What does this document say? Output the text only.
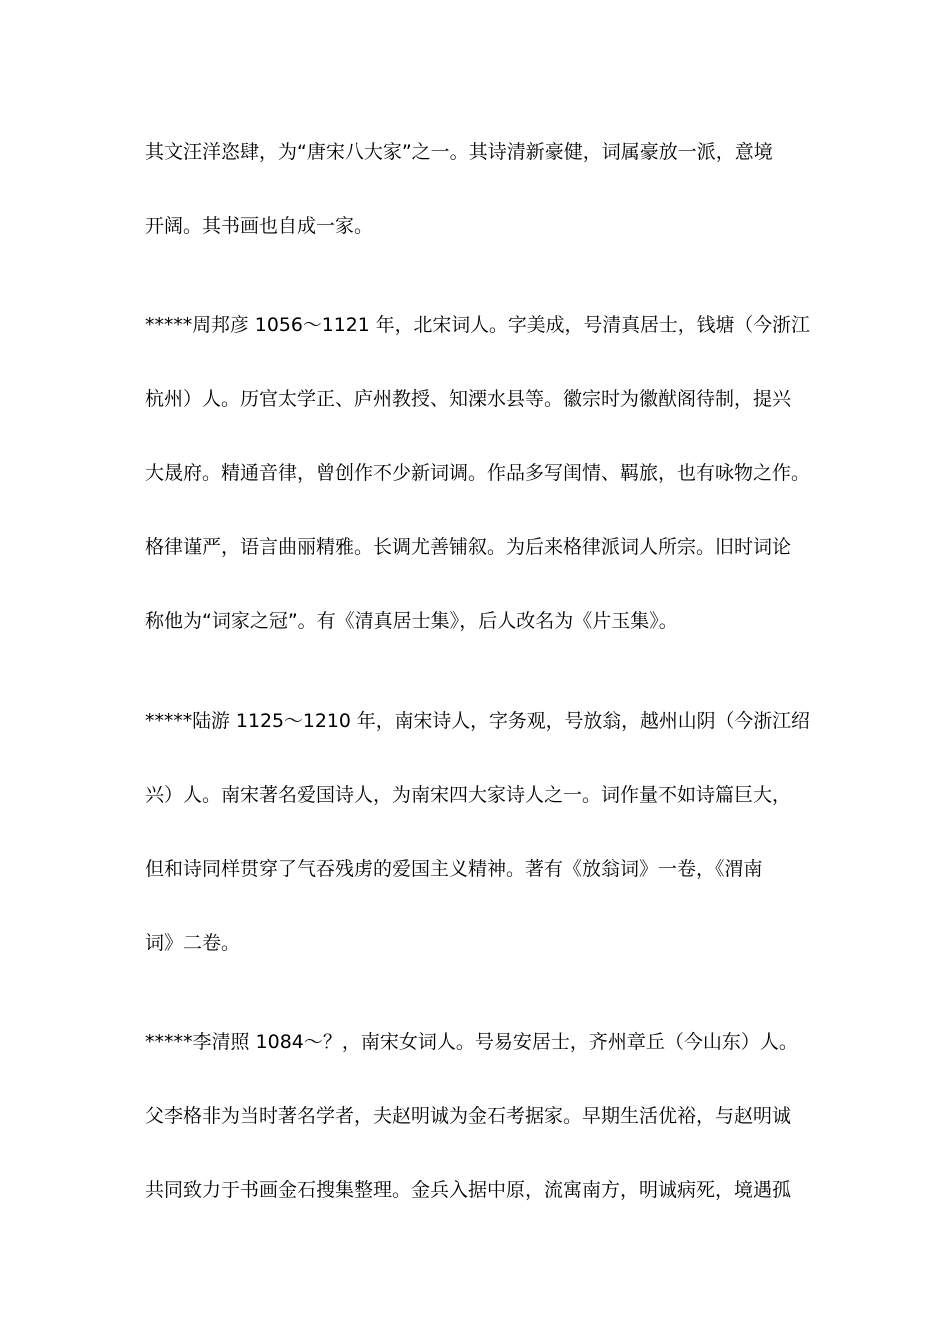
其文汪洋恣肆，为“唐宋八大家”之一。其诗清新豪健，词属豪放一派，意境
开阔。其书画也自成一家。
*****周邦彦 1056～1121 年，北宋词人。字美成，号清真居士，钱塘（今浙江
杭州）人。历官太学正、庐州教授、知溧水县等。徽宗时为徽猷阁待制，提兴
大晟府。精通音律，曾创作不少新词调。作品多写闺情、羁旅，也有咏物之作。
格律谨严，语言曲丽精雅。长调尤善铺叙。为后来格律派词人所宗。旧时词论
称他为“词家之冠”。有《清真居士集》，后人改名为《片玉集》。
*****陆游 1125～1210 年，南宋诗人，字务观，号放翁，越州山阴（今浙江绍
兴）人。南宋著名爱国诗人，为南宋四大家诗人之一。词作量不如诗篇巨大，
但和诗同样贯穿了气吞残虏的爱国主义精神。著有《放翁词》一卷，《渭南
词》二卷。
*****李清照 1084～？，南宋女词人。号易安居士，齐州章丘（今山东）人。
父李格非为当时著名学者，夫赵明诚为金石考据家。早期生活优裕，与赵明诚
共同致力于书画金石搜集整理。金兵入据中原，流寓南方，明诚病死，境遇孤
